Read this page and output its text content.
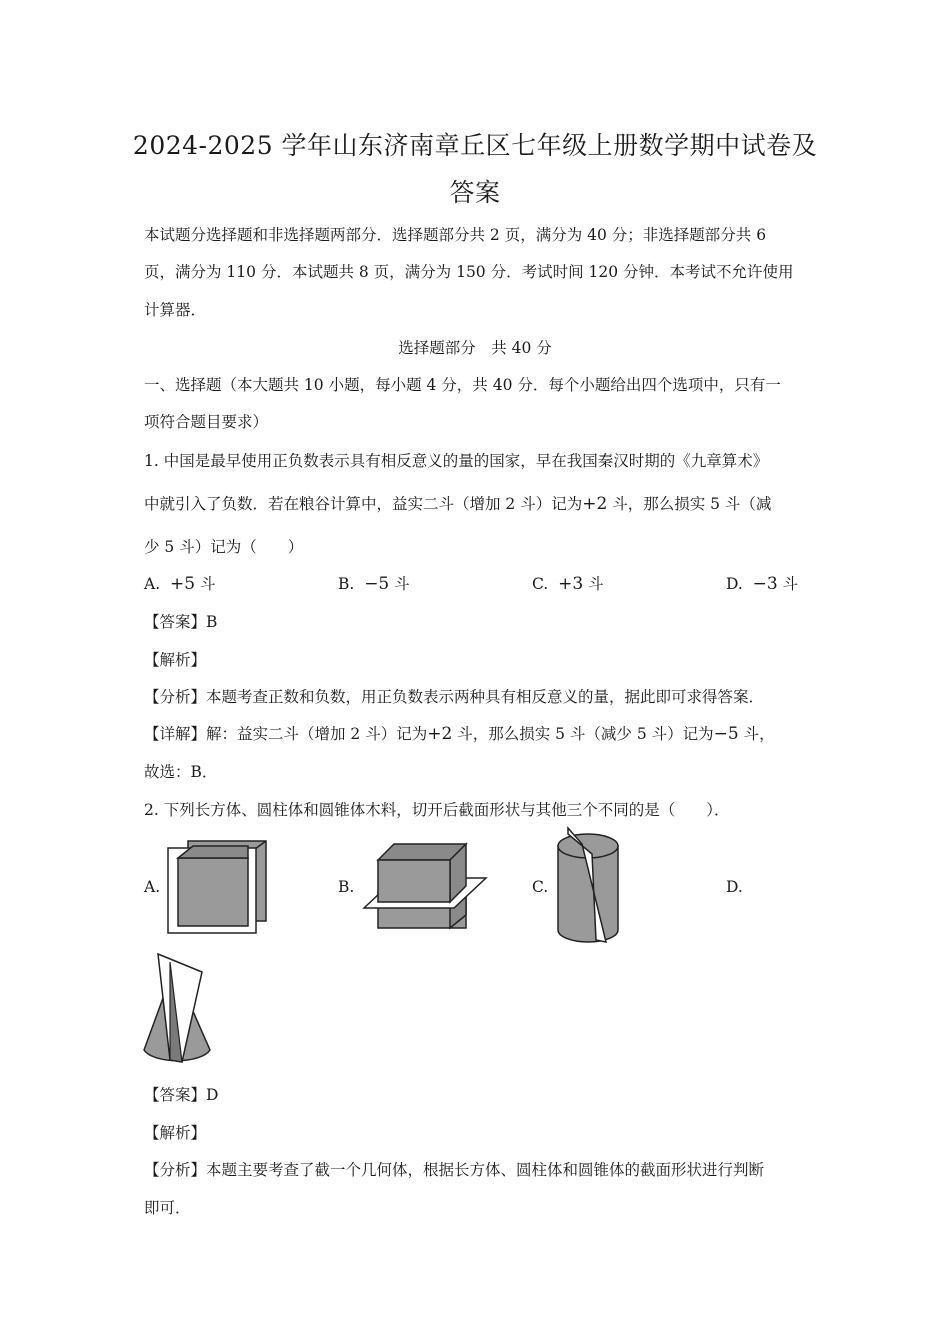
2024-2025 学年山东济南章丘区七年级上册数学期中试卷及
答案
本试题分选择题和非选择题两部分．选择题部分共 2 页，满分为 40 分；非选择题部分共 6
页，满分为 110 分．本试题共 8 页，满分为 150 分．考试时间 120 分钟．本考试不允许使用
计算器．
选择题部分　共 40 分
一、选择题（本大题共 10 小题，每小题 4 分，共 40 分．每个小题给出四个选项中，只有一
项符合题目要求）
1. 中国是最早使用正负数表示具有相反意义的量的国家，早在我国秦汉时期的《九章算术》
中就引入了负数．若在粮谷计算中，益实二斗（增加 2 斗）记为+2 斗，那么损实 5 斗（减
少 5 斗）记为（　　）
A. +5 斗	B. −5 斗	C. +3 斗	D. −3 斗
【答案】B
【解析】
【分析】本题考查正数和负数，用正负数表示两种具有相反意义的量，据此即可求得答案．
【详解】解：益实二斗（增加 2 斗）记为+2 斗，那么损实 5 斗（减少 5 斗）记为−5 斗，
故选：B．
2. 下列长方体、圆柱体和圆锥体木料，切开后截面形状与其他三个不同的是（　　）．
A.	B.	C.	D.
【答案】D
【解析】
【分析】本题主要考查了截一个几何体，根据长方体、圆柱体和圆锥体的截面形状进行判断
即可．
